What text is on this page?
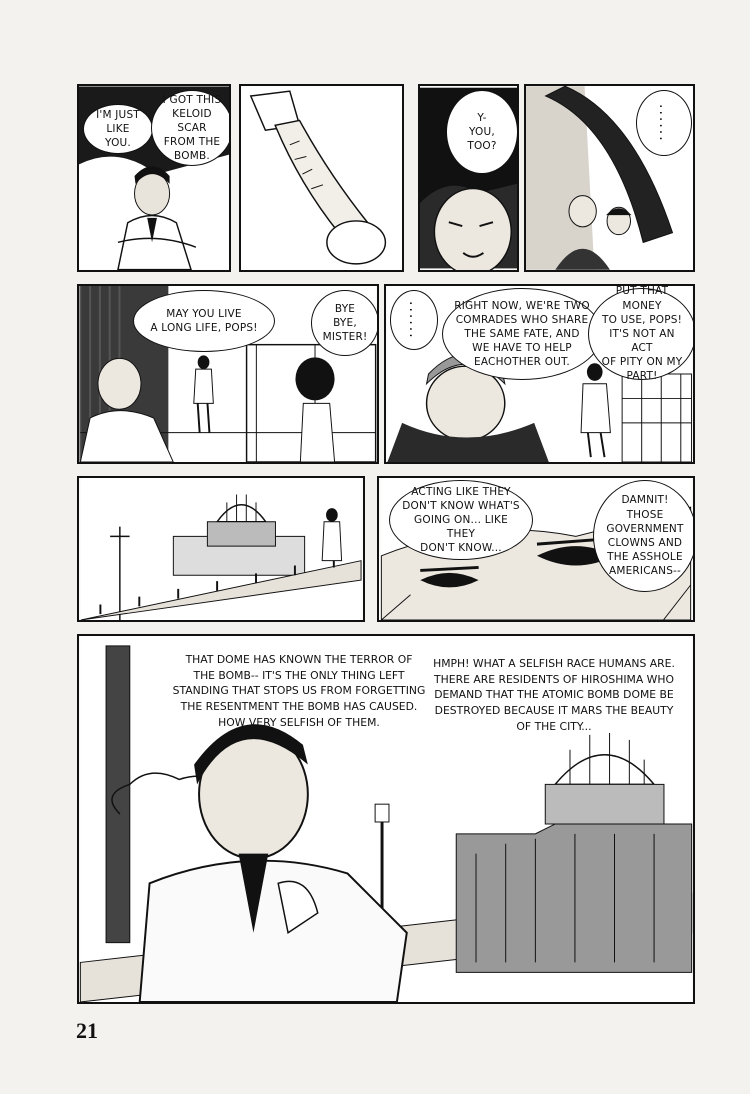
I'M JUST
LIKE YOU.
I GOT THIS
KELOID SCAR
FROM THE
BOMB.
Y-
YOU,
TOO?
......
MAY YOU LIVE
A LONG LIFE, POPS!
BYE
BYE,
MISTER!	......	RIGHT NOW, WE'RE TWO
COMRADES WHO SHARE
THE SAME FATE, AND
WE HAVE TO HELP
EACHOTHER OUT.
PUT THAT MONEY
TO USE, POPS!
IT'S NOT AN ACT
OF PITY ON MY
PART!
ACTING LIKE THEY
DON'T KNOW WHAT'S
GOING ON... LIKE THEY
DON'T KNOW...
DAMNIT! THOSE
GOVERNMENT
CLOWNS AND
THE ASSHOLE
AMERICANS--
THAT DOME HAS KNOWN THE TERROR OF
THE BOMB-- IT'S THE ONLY THING LEFT
STANDING THAT STOPS US FROM FORGETTING
THE RESENTMENT THE BOMB HAS CAUSED.
HOW VERY SELFISH OF THEM.
HMPH! WHAT A SELFISH RACE HUMANS ARE.
THERE ARE RESIDENTS OF HIROSHIMA WHO
DEMAND THAT THE ATOMIC BOMB DOME BE
DESTROYED BECAUSE IT MARS THE BEAUTY
OF THE CITY...
21
